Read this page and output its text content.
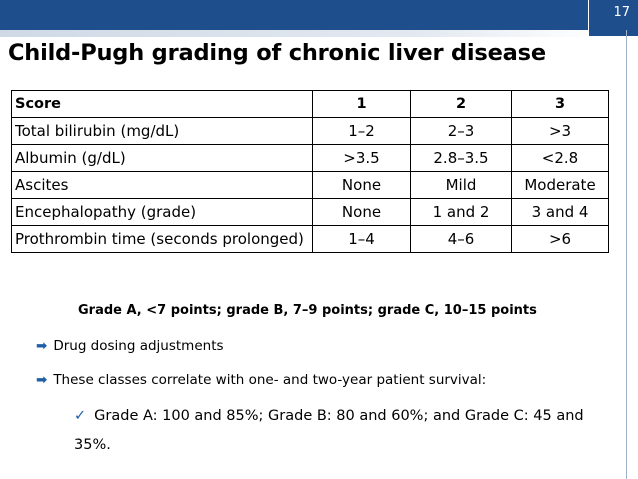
17
Child-Pugh grading of chronic liver disease
Score	1	2	3
Total bilirubin (mg/dL)	1–2	2–3	>3
Albumin (g/dL)	>3.5	2.8–3.5	<2.8
Ascites	None	Mild	Moderate
Encephalopathy (grade)	None	1 and 2	3 and 4
Prothrombin time (seconds prolonged)	1–4	4–6	>6
Grade A, <7 points; grade B, 7–9 points; grade C, 10–15 points
➡ Drug dosing adjustments
➡ These classes correlate with one- and two-year patient survival:
✓ Grade A: 100 and 85%; Grade B: 80 and 60%; and Grade C: 45 and 35%.
